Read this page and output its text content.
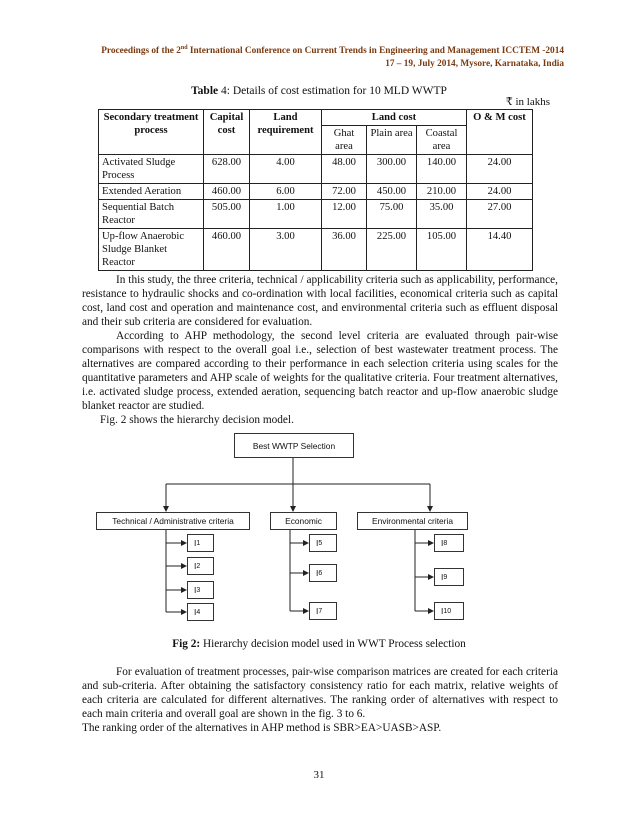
Proceedings of the 2nd International Conference on Current Trends in Engineering and Management ICCTEM -2014
17 – 19, July 2014, Mysore, Karnataka, India
Table 4: Details of cost estimation for 10 MLD WWTP
₹ in lakhs
Secondary treatment process	Capital cost	Land requirement	Land cost			O & M cost
			Ghat area	Plain area	Coastal area	
Activated Sludge Process	628.00	4.00	48.00	300.00	140.00	24.00
Extended Aeration	460.00	6.00	72.00	450.00	210.00	24.00
Sequential Batch Reactor	505.00	1.00	12.00	75.00	35.00	27.00
Up-flow Anaerobic Sludge Blanket Reactor	460.00	3.00	36.00	225.00	105.00	14.40

In this study, the three criteria, technical / applicability criteria such as applicability, performance, resistance to hydraulic shocks and co-ordination with local facilities, economical criteria such as capital cost, land cost and operation and maintenance cost, and environmental criteria such as effluent disposal and their sub criteria are considered for evaluation.

According to AHP methodology, the second level criteria are evaluated through pair-wise comparisons with respect to the overall goal i.e., selection of best wastewater treatment process. The alternatives are compared according to their performance in each selection criteria using scales for the quantitative parameters and AHP scale of weights for the qualitative criteria. Four treatment alternatives, i.e. activated sludge process, extended aeration, sequencing batch reactor and up-flow anaerobic sludge blanket reactor are studied.

Fig. 2 shows the hierarchy decision model.

Best WWTP Selection
Technical / Administrative criteria	Economic	Environmental criteria
I 1
I 2
I 3
I 4
I 5
I 6
I 7
I 8
I 9
I 10
Fig 2: Hierarchy decision model used in WWT Process selection

For evaluation of treatment processes, pair-wise comparison matrices are created for each criteria and sub-criteria. After obtaining the satisfactory consistency ratio for each matrix, relative weights of each criteria are calculated for different alternatives. The ranking order of alternatives with respect to each main criteria and overall goal are shown in the fig. 3 to 6.

The ranking order of the alternatives in AHP method is SBR>EA>UASB>ASP.

31
